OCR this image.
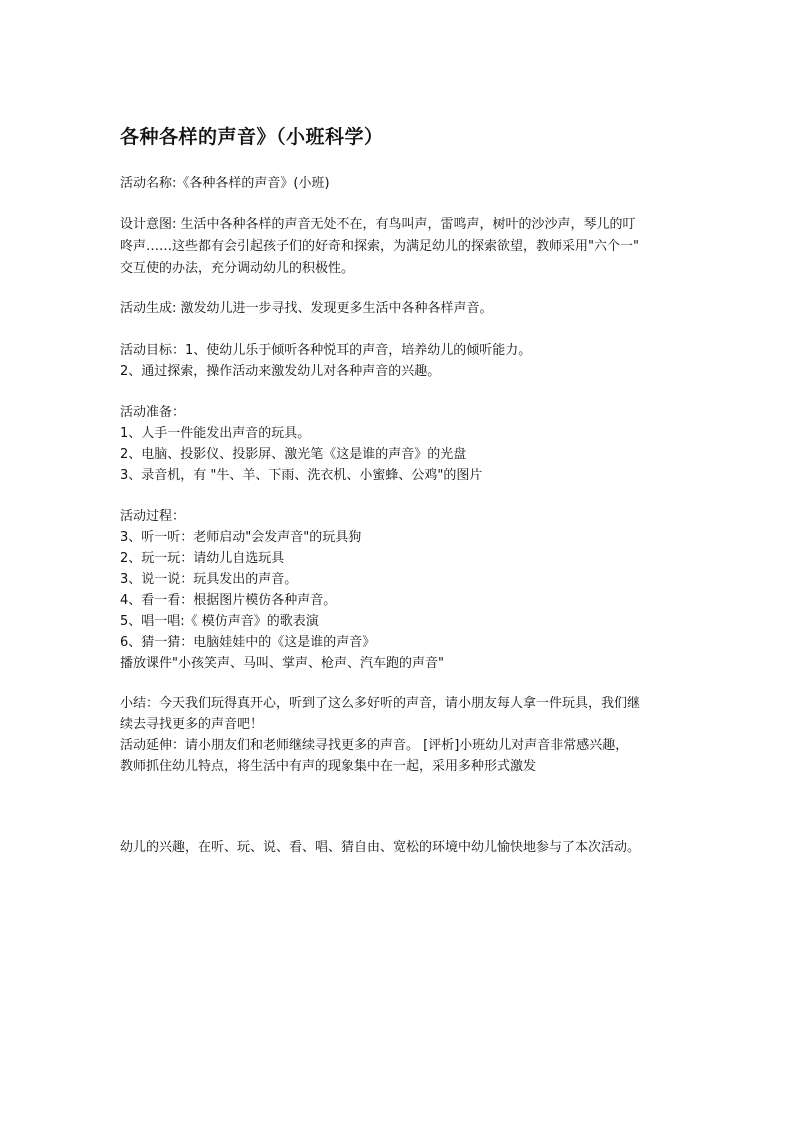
各种各样的声音》（小班科学）

活动名称:《各种各样的声音》(小班)

设计意图: 生活中各种各样的声音无处不在，有鸟叫声，雷鸣声，树叶的沙沙声，琴儿的叮

咚声……这些都有会引起孩子们的好奇和探索，为满足幼儿的探索欲望，教师采用"六个一"

交互使的办法，充分调动幼儿的积极性。

活动生成: 激发幼儿进一步寻找、发现更多生活中各种各样声音。

活动目标：1、使幼儿乐于倾听各种悦耳的声音，培养幼儿的倾听能力。

2、通过探索，操作活动来激发幼儿对各种声音的兴趣。

活动准备：

1、人手一件能发出声音的玩具。

2、电脑、投影仪、投影屏、激光笔《这是谁的声音》的光盘

3、录音机，有 "牛、羊、下雨、洗衣机、小蜜蜂、公鸡"的图片

活动过程：

3、听一听：老师启动"会发声音"的玩具狗

2、玩一玩：请幼儿自选玩具

3、说一说：玩具发出的声音。

4、看一看：根据图片模仿各种声音。

5、唱一唱:《 模仿声音》的歌表演

6、猜一猜：电脑娃娃中的《这是谁的声音》

播放课件"小孩笑声、马叫、掌声、枪声、汽车跑的声音"

小结：今天我们玩得真开心，听到了这么多好听的声音，请小朋友每人拿一件玩具，我们继

续去寻找更多的声音吧！

活动延伸：请小朋友们和老师继续寻找更多的声音。 [评析]小班幼儿对声音非常感兴趣，

教师抓住幼儿特点，将生活中有声的现象集中在一起，采用多种形式激发

幼儿的兴趣，在听、玩、说、看、唱、猜自由、宽松的环境中幼儿愉快地参与了本次活动。
